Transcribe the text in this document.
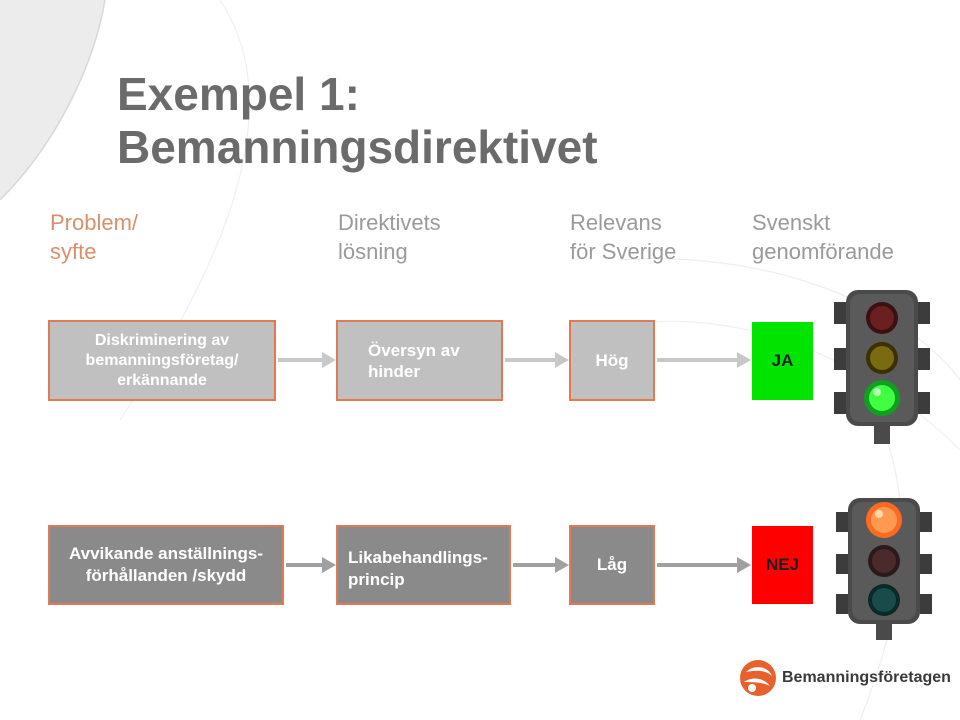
Exempel 1:
Bemanningsdirektivet
Problem/
syfte
Direktivets
lösning
Relevans
för Sverige
Svenskt
genomförande
Diskriminering av
bemanningsföretag/
erkännande
Översyn av
hinder
Hög	JA
Avvikande anställnings-
förhållanden /skydd
Likabehandlings-
princip
Låg	NEJ
Bemanningsföretagen
